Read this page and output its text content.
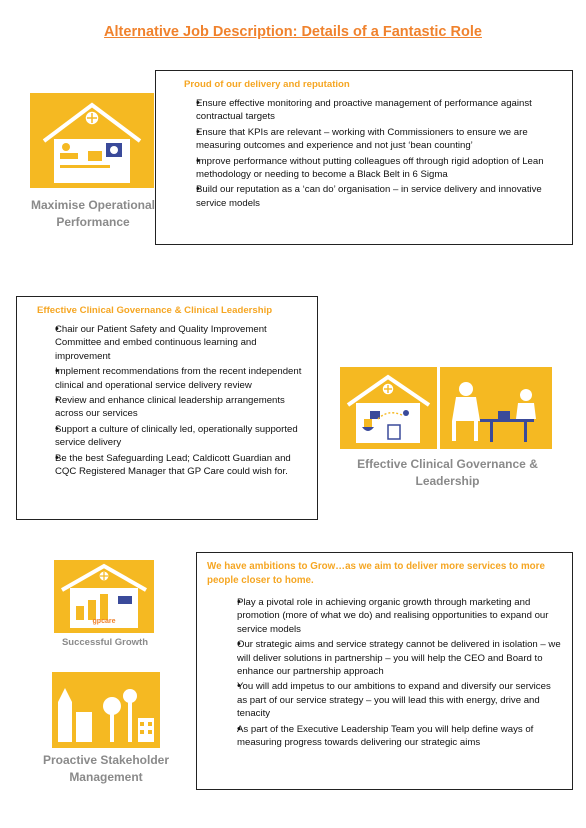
Alternative Job Description: Details of a Fantastic Role
Maximise Operational
Performance
Proud of our delivery and reputation
• Ensure effective monitoring and proactive management of performance against contractual targets
• Ensure that KPIs are relevant – working with Commissioners to ensure we are measuring outcomes and experience and not just ‘bean counting’
• Improve performance without putting colleagues off through rigid adoption of Lean methodology or needing to become a Black Belt in 6 Sigma
• Build our reputation as a ‘can do’ organisation – in service delivery and innovative service models
Effective Clinical Governance & Clinical Leadership
• Chair our Patient Safety and Quality Improvement Committee and embed continuous learning and improvement
• Implement recommendations from the recent independent clinical and operational service delivery review
• Review and enhance clinical leadership arrangements across our services
• Support a culture of clinically led, operationally supported service delivery
• Be the best Safeguarding Lead; Caldicott Guardian and CQC Registered Manager that GP Care could wish for.
Effective Clinical Governance &
Leadership
gpcare
Successful Growth
Proactive Stakeholder
Management
We have ambitions to Grow…as we aim to deliver more services to more people closer to home.
• Play a pivotal role in achieving organic growth through marketing and promotion (more of what we do) and realising opportunities to expand our service models
• Our strategic aims and service strategy cannot be delivered in isolation – we will deliver solutions in partnership – you will help the CEO and Board to enhance our partnership approach
• You will add impetus to our ambitions to expand and diversify our services as part of our service strategy – you will lead this with energy, drive and tenacity
• As part of the Executive Leadership Team you will help define ways of measuring progress towards delivering our strategic aims
